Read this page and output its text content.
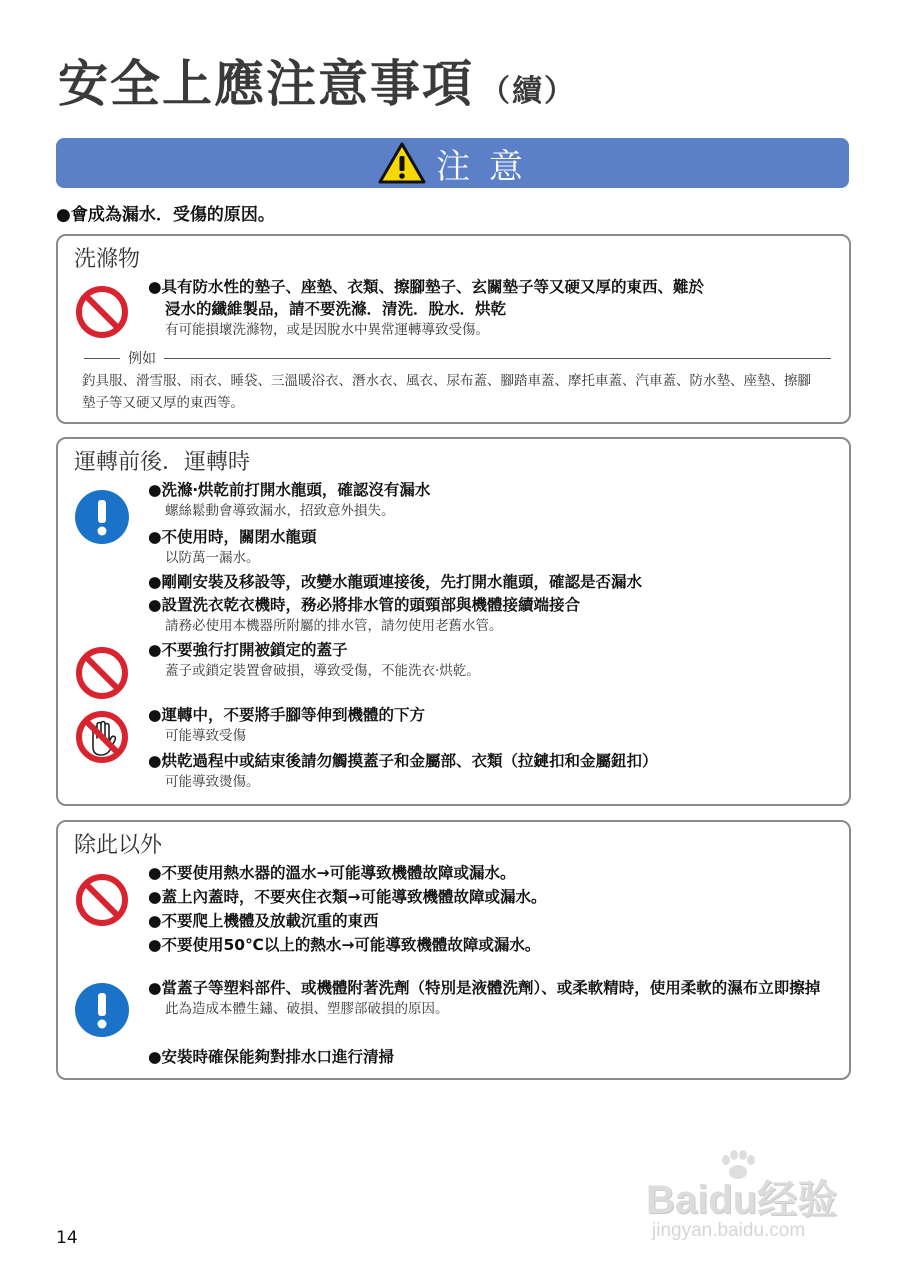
安全上應注意事項 （續）
注 意
●會成為漏水．受傷的原因。
洗滌物
●具有防水性的墊子、座墊、衣類、擦腳墊子、玄關墊子等又硬又厚的東西、難於
浸水的纖維製品，請不要洗滌．清洗．脫水．烘乾
有可能損壞洗滌物，或是因脫水中異常運轉導致受傷。
例如
釣具服、滑雪服、雨衣、睡袋、三溫暖浴衣、潛水衣、風衣、尿布蓋、腳踏車蓋、摩托車蓋、汽車蓋、防水墊、座墊、擦腳墊子等又硬又厚的東西等。
運轉前後．運轉時
●洗滌‧烘乾前打開水龍頭，確認沒有漏水
螺絲鬆動會導致漏水，招致意外損失。
●不使用時，關閉水龍頭
以防萬一漏水。
●剛剛安裝及移設等，改變水龍頭連接後，先打開水龍頭，確認是否漏水
●設置洗衣乾衣機時，務必將排水管的頭頸部與機體接續端接合
請務必使用本機器所附屬的排水管，請勿使用老舊水管。
●不要強行打開被鎖定的蓋子
蓋子或鎖定裝置會破損，導致受傷，不能洗衣‧烘乾。
●運轉中，不要將手腳等伸到機體的下方
可能導致受傷
●烘乾過程中或結束後請勿觸摸蓋子和金屬部、衣類（拉鏈扣和金屬鈕扣）
可能導致燙傷。
除此以外
●不要使用熱水器的溫水→可能導致機體故障或漏水。
●蓋上內蓋時，不要夾住衣類→可能導致機體故障或漏水。
●不要爬上機體及放載沉重的東西
●不要使用50℃以上的熱水→可能導致機體故障或漏水。
●當蓋子等塑料部件、或機體附著洗劑（特別是液體洗劑）、或柔軟精時，使用柔軟的濕布立即擦掉
此為造成本體生鏽、破損、塑膠部破損的原因。
●安裝時確保能夠對排水口進行清掃
14
Baidu经验
jingyan.baidu.com
